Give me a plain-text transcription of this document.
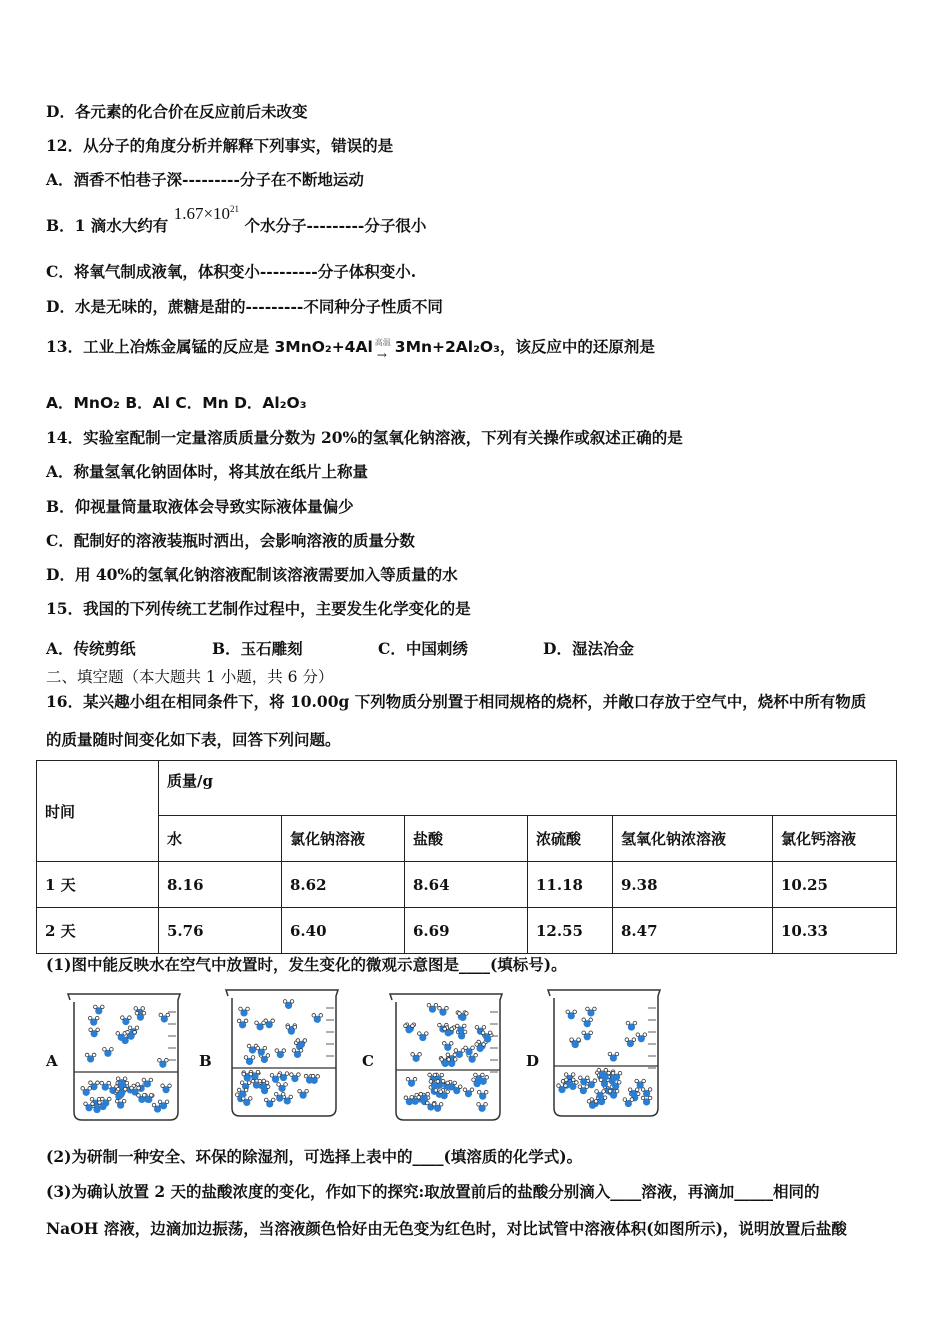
D．各元素的化合价在反应前后未改变
12．从分子的角度分析并解释下列事实，错误的是
A．酒香不怕巷子深---------分子在不断地运动
B．1 滴水大约有 $1.67\times 10^{21}$ 个水分子---------分子很小
C．将氧气制成液氧，体积变小---------分子体积变小.
D．水是无味的，蔗糖是甜的---------不同种分子性质不同
13．工业上冶炼金属锰的反应是 3MnO₂+4Al 高温
→ 3Mn+2Al₂O₃，该反应中的还原剂是
A．MnO₂ B．Al C．Mn D．Al₂O₃
14．实验室配制一定量溶质质量分数为 20%的氢氧化钠溶液，下列有关操作或叙述正确的是
A．称量氢氧化钠固体时，将其放在纸片上称量
B．仰视量筒量取液体会导致实际液体量偏少
C．配制好的溶液装瓶时洒出，会影响溶液的质量分数
D．用 40%的氢氧化钠溶液配制该溶液需要加入等质量的水
15．我国的下列传统工艺制作过程中，主要发生化学变化的是
A．传统剪纸	B．玉石雕刻	C．中国刺绣	D．湿法冶金
二、填空题（本大题共 1 小题，共 6 分）
16．某兴趣小组在相同条件下，将 10.00g 下列物质分别置于相同规格的烧杯，并敞口存放于空气中，烧杯中所有物质
的质量随时间变化如下表，回答下列问题。
时间	质量/g					
	水	氯化钠溶液	盐酸	浓硫酸	氢氧化钠浓溶液	氯化钙溶液
1 天	8.16	8.62	8.64	11.18	9.38	10.25
2 天	5.76	6.40	6.69	12.55	8.47	10.33
(1)图中能反映水在空气中放置时，发生变化的微观示意图是____(填标号)。
A	B	C	D
(2)为研制一种安全、环保的除湿剂，可选择上表中的____(填溶质的化学式)。
(3)为确认放置 2 天的盐酸浓度的变化，作如下的探究:取放置前后的盐酸分别滴入____溶液，再滴加_____相同的
NaOH 溶液，边滴加边振荡，当溶液颜色恰好由无色变为红色时，对比试管中溶液体积(如图所示)，说明放置后盐酸
